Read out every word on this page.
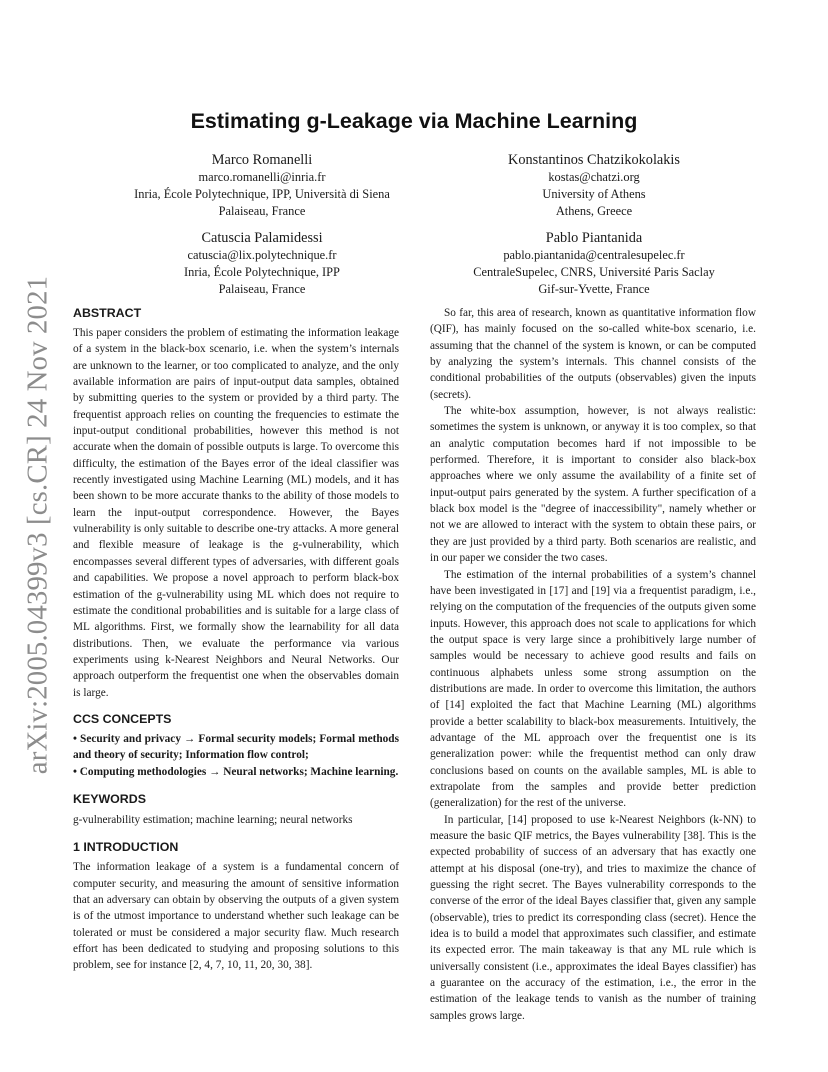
arXiv:2005.04399v3 [cs.CR] 24 Nov 2021
Estimating g-Leakage via Machine Learning
Marco Romanelli
marco.romanelli@inria.fr
Inria, École Polytechnique, IPP, Università di Siena
Palaiseau, France
Konstantinos Chatzikokolakis
kostas@chatzi.org
University of Athens
Athens, Greece
Catuscia Palamidessi
catuscia@lix.polytechnique.fr
Inria, École Polytechnique, IPP
Palaiseau, France
Pablo Piantanida
pablo.piantanida@centralesupelec.fr
CentraleSupelec, CNRS, Université Paris Saclay
Gif-sur-Yvette, France
ABSTRACT
This paper considers the problem of estimating the information leakage of a system in the black-box scenario, i.e. when the system’s internals are unknown to the learner, or too complicated to analyze, and the only available information are pairs of input-output data samples, obtained by submitting queries to the system or provided by a third party. The frequentist approach relies on counting the frequencies to estimate the input-output conditional probabilities, however this method is not accurate when the domain of possible outputs is large. To overcome this difficulty, the estimation of the Bayes error of the ideal classifier was recently investigated using Machine Learning (ML) models, and it has been shown to be more accurate thanks to the ability of those models to learn the input-output correspondence. However, the Bayes vulnerability is only suitable to describe one-try attacks. A more general and flexible measure of leakage is the g-vulnerability, which encompasses several different types of adversaries, with different goals and capabilities. We propose a novel approach to perform black-box estimation of the g-vulnerability using ML which does not require to estimate the conditional probabilities and is suitable for a large class of ML algorithms. First, we formally show the learnability for all data distributions. Then, we evaluate the performance via various experiments using k-Nearest Neighbors and Neural Networks. Our approach outperform the frequentist one when the observables domain is large.
CCS CONCEPTS
• Security and privacy → Formal security models; Formal methods and theory of security; Information flow control;
• Computing methodologies → Neural networks; Machine learning.
KEYWORDS
g-vulnerability estimation; machine learning; neural networks
1 INTRODUCTION
The information leakage of a system is a fundamental concern of computer security, and measuring the amount of sensitive information that an adversary can obtain by observing the outputs of a given system is of the utmost importance to understand whether such leakage can be tolerated or must be considered a major security flaw. Much research effort has been dedicated to studying and proposing solutions to this problem, see for instance [2, 4, 7, 10, 11, 20, 30, 38].
So far, this area of research, known as quantitative information flow (QIF), has mainly focused on the so-called white-box scenario, i.e. assuming that the channel of the system is known, or can be computed by analyzing the system’s internals. This channel consists of the conditional probabilities of the outputs (observables) given the inputs (secrets).
The white-box assumption, however, is not always realistic: sometimes the system is unknown, or anyway it is too complex, so that an analytic computation becomes hard if not impossible to be performed. Therefore, it is important to consider also black-box approaches where we only assume the availability of a finite set of input-output pairs generated by the system. A further specification of a black box model is the "degree of inaccessibility", namely whether or not we are allowed to interact with the system to obtain these pairs, or they are just provided by a third party. Both scenarios are realistic, and in our paper we consider the two cases.
The estimation of the internal probabilities of a system’s channel have been investigated in [17] and [19] via a frequentist paradigm, i.e., relying on the computation of the frequencies of the outputs given some inputs. However, this approach does not scale to applications for which the output space is very large since a prohibitively large number of samples would be necessary to achieve good results and fails on continuous alphabets unless some strong assumption on the distributions are made. In order to overcome this limitation, the authors of [14] exploited the fact that Machine Learning (ML) algorithms provide a better scalability to black-box measurements. Intuitively, the advantage of the ML approach over the frequentist one is its generalization power: while the frequentist method can only draw conclusions based on counts on the available samples, ML is able to extrapolate from the samples and provide better prediction (generalization) for the rest of the universe.
In particular, [14] proposed to use k-Nearest Neighbors (k-NN) to measure the basic QIF metrics, the Bayes vulnerability [38]. This is the expected probability of success of an adversary that has exactly one attempt at his disposal (one-try), and tries to maximize the chance of guessing the right secret. The Bayes vulnerability corresponds to the converse of the error of the ideal Bayes classifier that, given any sample (observable), tries to predict its corresponding class (secret). Hence the idea is to build a model that approximates such classifier, and estimate its expected error. The main takeaway is that any ML rule which is universally consistent (i.e., approximates the ideal Bayes classifier) has a guarantee on the accuracy of the estimation, i.e., the error in the estimation of the leakage tends to vanish as the number of training samples grows large.
